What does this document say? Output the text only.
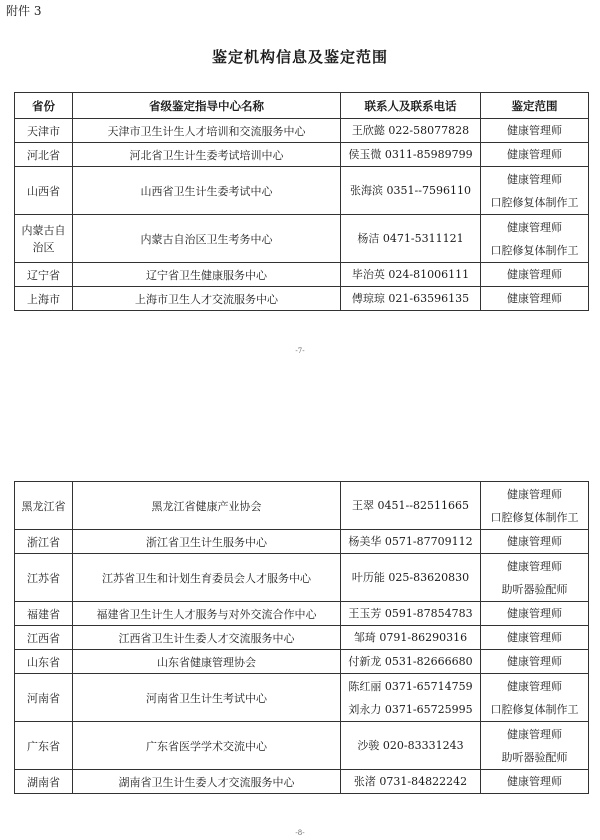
附件 3
鉴定机构信息及鉴定范围
省份	省级鉴定指导中心名称	联系人及联系电话	鉴定范围
天津市	天津市卫生计生人才培训和交流服务中心	王欣懿 022-58077828	健康管理师

河北省	河北省卫生计生委考试培训中心	侯玉微 0311-85989799	健康管理师

山西省	山西省卫生计生委考试中心	张海滨 0351--7596110	健康管理师
口腔修复体制作工

内蒙古自治区	内蒙古自治区卫生考务中心	杨洁 0471-5311121	健康管理师
口腔修复体制作工

辽宁省	辽宁省卫生健康服务中心	毕治英 024-81006111	健康管理师

上海市	上海市卫生人才交流服务中心	傅琼琼 021-63596135	健康管理师
-7-
黑龙江省	黑龙江省健康产业协会	王翠 0451--82511665	健康管理师
口腔修复体制作工

浙江省	浙江省卫生计生服务中心	杨美华 0571-87709112	健康管理师

江苏省	江苏省卫生和计划生育委员会人才服务中心	叶历能 025-83620830	健康管理师
助听器验配师

福建省	福建省卫生计生人才服务与对外交流合作中心	王玉芳 0591-87854783	健康管理师

江西省	江西省卫生计生委人才交流服务中心	邹琦 0791-86290316	健康管理师

山东省	山东省健康管理协会	付新龙 0531-82666680	健康管理师

河南省	河南省卫生计生考试中心	陈红丽 0371-65714759
刘永力 0371-65725995	健康管理师
口腔修复体制作工

广东省	广东省医学学术交流中心	沙骏 020-83331243	健康管理师
助听器验配师

湖南省	湖南省卫生计生委人才交流服务中心	张渚 0731-84822242	健康管理师
-8-
